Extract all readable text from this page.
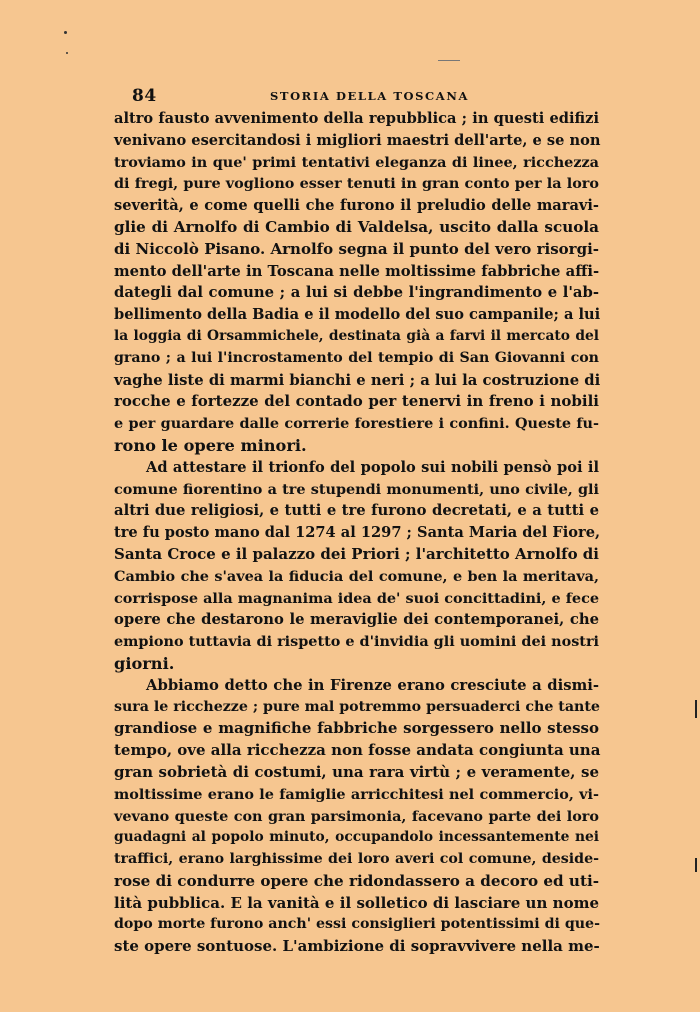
84	STORIA DELLA TOSCANA
altro fausto avvenimento della repubblica ; in questi edifizi
venivano esercitandosi i migliori maestri dell'arte, e se non
troviamo in que' primi tentativi eleganza di linee, ricchezza
di fregi, pure vogliono esser tenuti in gran conto per la loro
severità, e come quelli che furono il preludio delle maravi-
glie di Arnolfo di Cambio di Valdelsa, uscito dalla scuola
di Niccolò Pisano. Arnolfo segna il punto del vero risorgi-
mento dell'arte in Toscana nelle moltissime fabbriche affi-
dategli dal comune ; a lui si debbe l'ingrandimento e l'ab-
bellimento della Badia e il modello del suo campanile; a lui
la loggia di Orsammichele, destinata già a farvi il mercato del
grano ; a lui l'incrostamento del tempio di San Giovanni con
vaghe liste di marmi bianchi e neri ; a lui la costruzione di
rocche e fortezze del contado per tenervi in freno i nobili
e per guardare dalle correrie forestiere i confini. Queste fu-
rono le opere minori.
Ad attestare il trionfo del popolo sui nobili pensò poi il
comune fiorentino a tre stupendi monumenti, uno civile, gli
altri due religiosi, e tutti e tre furono decretati, e a tutti e
tre fu posto mano dal 1274 al 1297 ; Santa Maria del Fiore,
Santa Croce e il palazzo dei Priori ; l'architetto Arnolfo di
Cambio che s'avea la fiducia del comune, e ben la meritava,
corrispose alla magnanima idea de' suoi concittadini, e fece
opere che destarono le meraviglie dei contemporanei, che
empiono tuttavia di rispetto e d'invidia gli uomini dei nostri
giorni.
Abbiamo detto che in Firenze erano cresciute a dismi-
sura le ricchezze ; pure mal potremmo persuaderci che tante
grandiose e magnifiche fabbriche sorgessero nello stesso
tempo, ove alla ricchezza non fosse andata congiunta una
gran sobrietà di costumi, una rara virtù ; e veramente, se
moltissime erano le famiglie arricchitesi nel commercio, vi-
vevano queste con gran parsimonia, facevano parte dei loro
guadagni al popolo minuto, occupandolo incessantemente nei
traffici, erano larghissime dei loro averi col comune, deside-
rose di condurre opere che ridondassero a decoro ed uti-
lità pubblica. E la vanità e il solletico di lasciare un nome
dopo morte furono anch' essi consiglieri potentissimi di que-
ste opere sontuose. L'ambizione di sopravvivere nella me-
